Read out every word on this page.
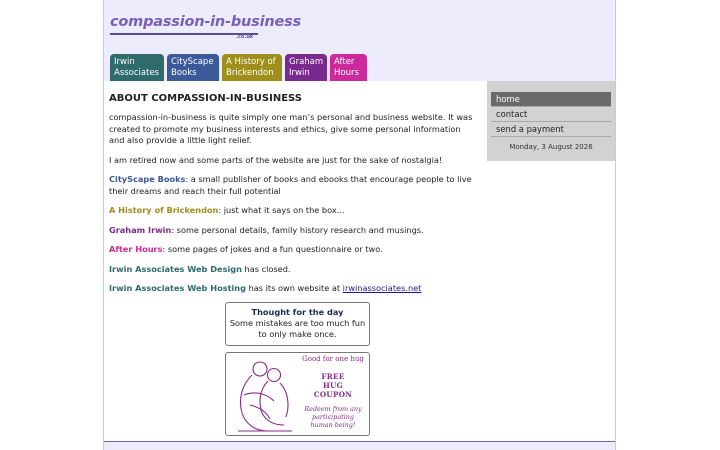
compassion-in-business
.co.uk
Irwin Associates
CityScape Books
A History of Brickendon
Graham Irwin
After Hours
ABOUT COMPASSION-IN-BUSINESS

compassion-in-business is quite simply one man’s personal and business website. It was created to promote my business interests and ethics, give some personal information and also provide a little light relief.

I am retired now and some parts of the website are just for the sake of nostalgia!

CityScape Books: a small publisher of books and ebooks that encourage people to live their dreams and reach their full potential

A History of Brickendon: just what it says on the box...

Graham Irwin: some personal details, family history research and musings.

After Hours: some pages of jokes and a fun questionnaire or two.

Irwin Associates Web Design has closed.

Irwin Associates Web Hosting has its own website at irwinassociates.net

Thought for the day
Some mistakes are too much fun to only make once.
Good for one hug
FREE
HUG
COUPON
Redeem from any participating human being!
home
contact
send a payment
Monday, 3 August 2026
